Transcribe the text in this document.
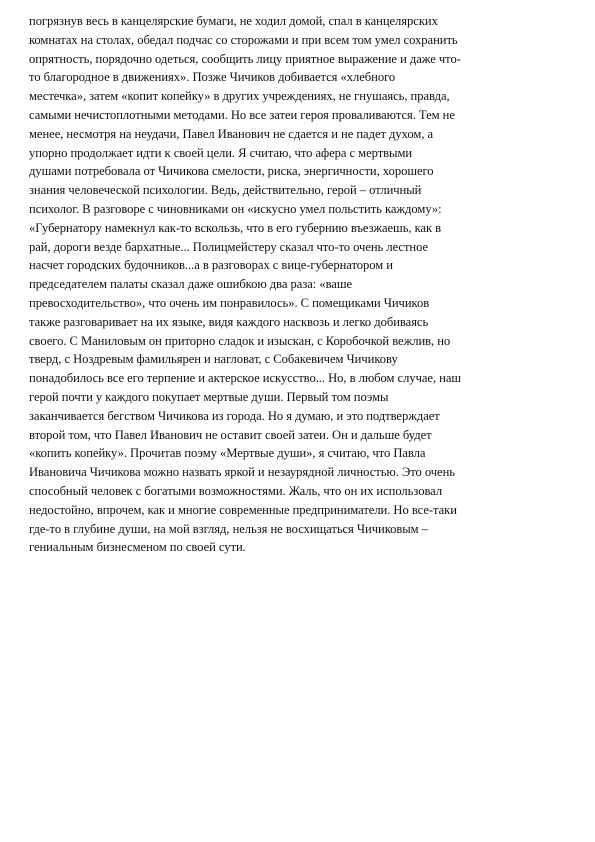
погрязнув весь в канцелярские бумаги, не ходил домой, спал в канцелярских
комнатах на столах, обедал подчас со сторожами и при всем том умел сохранить
опрятность, порядочно одеться, сообщить лицу приятное выражение и даже что-
то благородное в движениях». Позже Чичиков добивается «хлебного
местечка», затем «копит копейку» в других учреждениях, не гнушаясь, правда,
самыми нечистоплотными методами. Но все затеи героя проваливаются. Тем не
менее, несмотря на неудачи, Павел Иванович не сдается и не падет духом, а
упорно продолжает идти к своей цели. Я считаю, что афера с мертвыми
душами потребовала от Чичикова смелости, риска, энергичности, хорошего
знания человеческой психологии. Ведь, действительно, герой – отличный
психолог. В разговоре с чиновниками он «искусно умел польстить каждому»:
«Губернатору намекнул как-то вскользь, что в его губернию въезжаешь, как в
рай, дороги везде бархатные... Полицмейстеру сказал что-то очень лестное
насчет городских будочников...а в разговорах с вице-губернатором и
председателем палаты сказал даже ошибкою два раза: «ваше
превосходительство», что очень им понравилось». С помещиками Чичиков
также разговаривает на их языке, видя каждого насквозь и легко добиваясь
своего. С Маниловым он приторно сладок и изыскан, с Коробочкой вежлив, но
тверд, с Ноздревым фамильярен и нагловат, с Собакевичем Чичикову
понадобилось все его терпение и актерское искусство... Но, в любом случае, наш
герой почти у каждого покупает мертвые души. Первый том поэмы
заканчивается бегством Чичикова из города. Но я думаю, и это подтверждает
второй том, что Павел Иванович не оставит своей затеи. Он и дальше будет
«копить копейку». Прочитав поэму «Мертвые души», я считаю, что Павла
Ивановича Чичикова можно назвать яркой и незаурядной личностью. Это очень
способный человек с богатыми возможностями. Жаль, что он их использовал
недостойно, впрочем, как и многие современные предприниматели. Но все-таки
где-то в глубине души, на мой взгляд, нельзя не восхищаться Чичиковым –
гениальным бизнесменом по своей сути.
